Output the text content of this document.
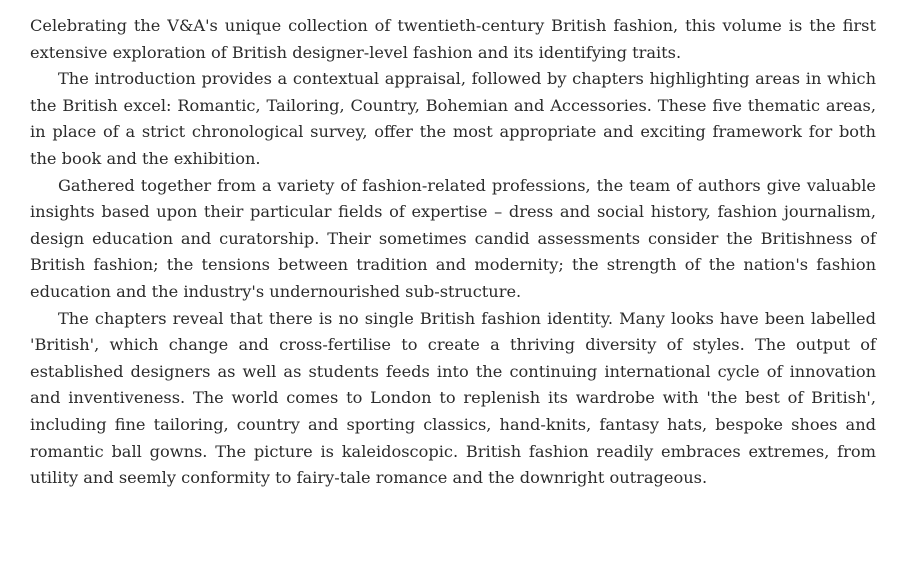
Celebrating the V&A's unique collection of twentieth-century British fashion, this volume is the first extensive exploration of British designer-level fashion and its identifying traits.

The introduction provides a contextual appraisal, followed by chapters highlighting areas in which the British excel: Romantic, Tailoring, Country, Bohemian and Accessories. These five thematic areas, in place of a strict chronological survey, offer the most appropriate and exciting framework for both the book and the exhibition.

Gathered together from a variety of fashion-related professions, the team of authors give valuable insights based upon their particular fields of expertise – dress and social history, fashion journalism, design education and curatorship. Their sometimes candid assessments consider the Britishness of British fashion; the tensions between tradition and modernity; the strength of the nation's fashion education and the industry's undernourished sub-structure.

The chapters reveal that there is no single British fashion identity. Many looks have been labelled 'British', which change and cross-fertilise to create a thriving diversity of styles. The output of established designers as well as students feeds into the continuing international cycle of innovation and inventiveness. The world comes to London to replenish its wardrobe with 'the best of British', including fine tailoring, country and sporting classics, hand-knits, fantasy hats, bespoke shoes and romantic ball gowns. The picture is kaleidoscopic. British fashion readily embraces extremes, from utility and seemly conformity to fairy-tale romance and the downright outrageous.
